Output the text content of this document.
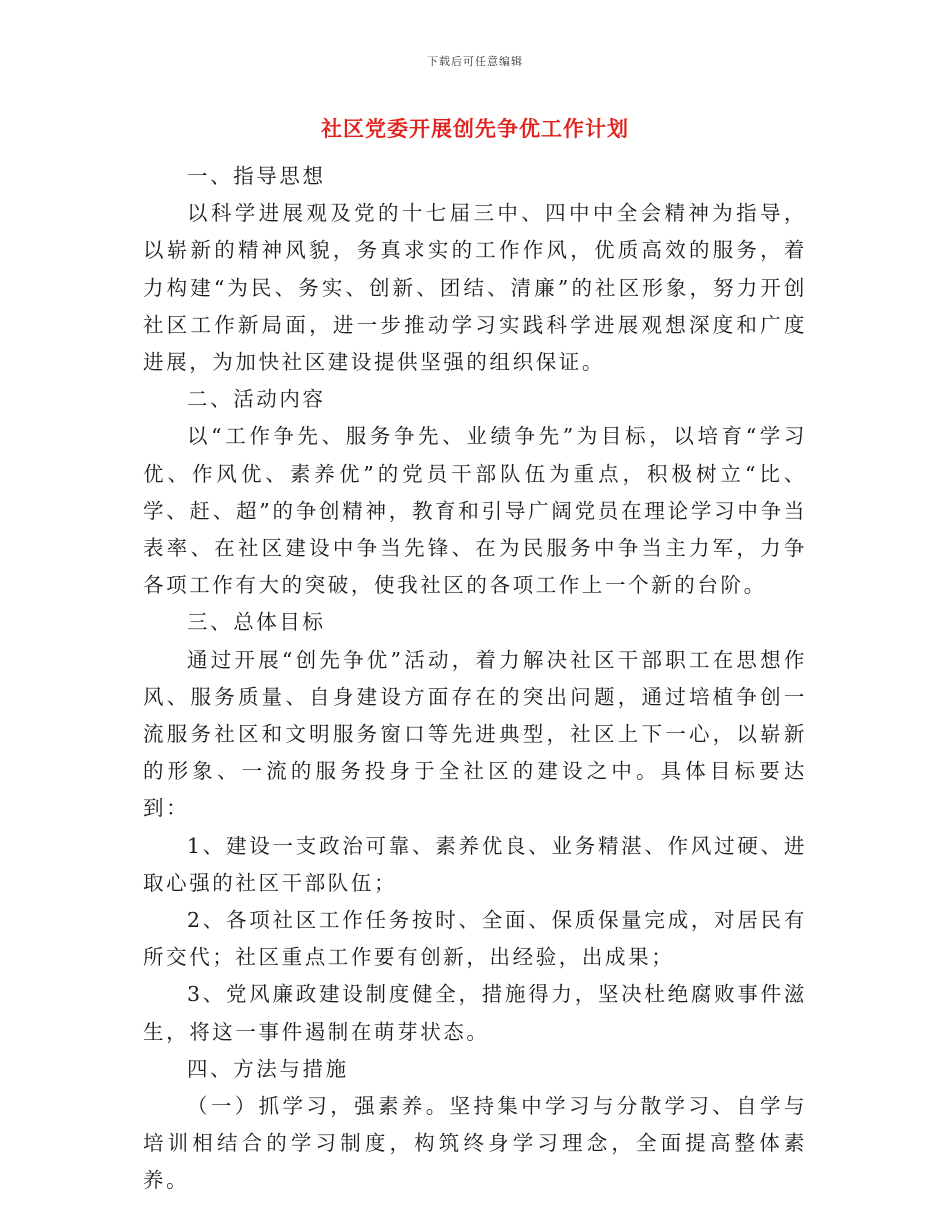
下载后可任意编辑
社区党委开展创先争优工作计划

一、指导思想

以科学进展观及党的十七届三中、四中中全会精神为指导，以崭新的精神风貌，务真求实的工作作风，优质高效的服务，着力构建“为民、务实、创新、团结、清廉”的社区形象，努力开创社区工作新局面，进一步推动学习实践科学进展观想深度和广度进展，为加快社区建设提供坚强的组织保证。

二、活动内容

以“工作争先、服务争先、业绩争先”为目标，以培育“学习优、作风优、素养优”的党员干部队伍为重点，积极树立“比、学、赶、超”的争创精神，教育和引导广阔党员在理论学习中争当表率、在社区建设中争当先锋、在为民服务中争当主力军，力争各项工作有大的突破，使我社区的各项工作上一个新的台阶。

三、总体目标

通过开展“创先争优”活动，着力解决社区干部职工在思想作风、服务质量、自身建设方面存在的突出问题，通过培植争创一流服务社区和文明服务窗口等先进典型，社区上下一心，以崭新的形象、一流的服务投身于全社区的建设之中。具体目标要达到：

1、建设一支政治可靠、素养优良、业务精湛、作风过硬、进取心强的社区干部队伍；

2、各项社区工作任务按时、全面、保质保量完成，对居民有所交代；社区重点工作要有创新，出经验，出成果；

3、党风廉政建设制度健全，措施得力，坚决杜绝腐败事件滋生，将这一事件遏制在萌芽状态。

四、方法与措施

（一）抓学习，强素养。坚持集中学习与分散学习、自学与培训相结合的学习制度，构筑终身学习理念，全面提高整体素养。
